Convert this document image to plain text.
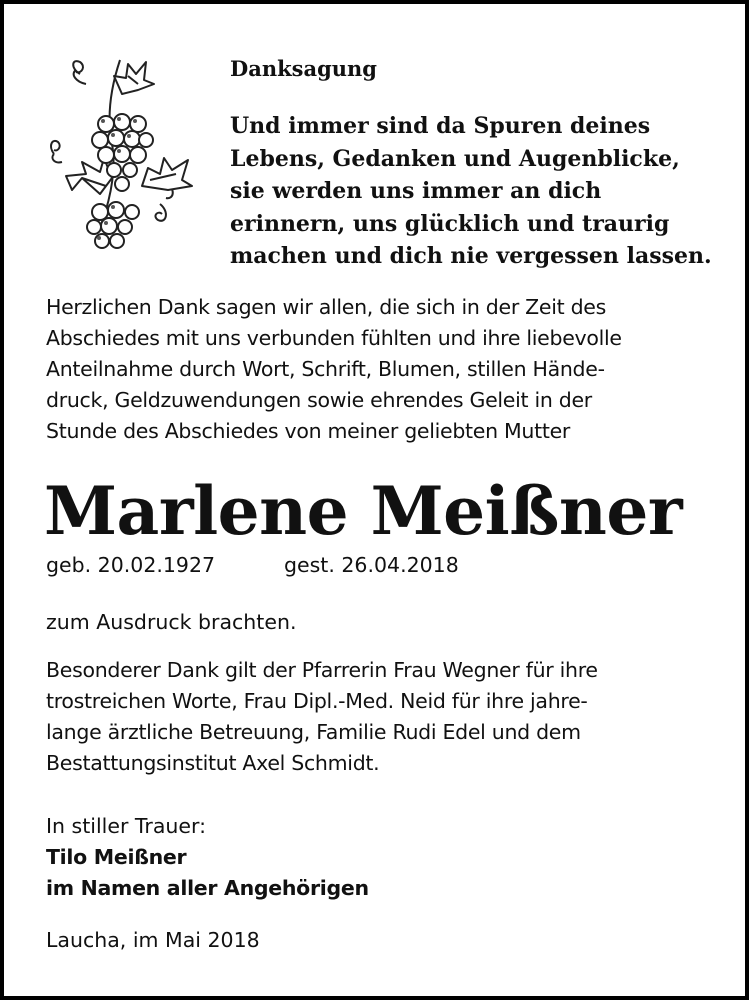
Danksagung
Und immer sind da Spuren deines
Lebens, Gedanken und Augenblicke,
sie werden uns immer an dich
erinnern, uns glücklich und traurig
machen und dich nie vergessen lassen.
Herzlichen Dank sagen wir allen, die sich in der Zeit des
Abschiedes mit uns verbunden fühlten und ihre liebevolle
Anteilnahme durch Wort, Schrift, Blumen, stillen Hände-
druck, Geldzuwendungen sowie ehrendes Geleit in der
Stunde des Abschiedes von meiner geliebten Mutter
Marlene Meißner
geb. 20.02.1927	gest. 26.04.2018
zum Ausdruck brachten.
Besonderer Dank gilt der Pfarrerin Frau Wegner für ihre
trostreichen Worte, Frau Dipl.-Med. Neid für ihre jahre-
lange ärztliche Betreuung, Familie Rudi Edel und dem
Bestattungsinstitut Axel Schmidt.
In stiller Trauer:
Tilo Meißner
im Namen aller Angehörigen
Laucha, im Mai 2018
